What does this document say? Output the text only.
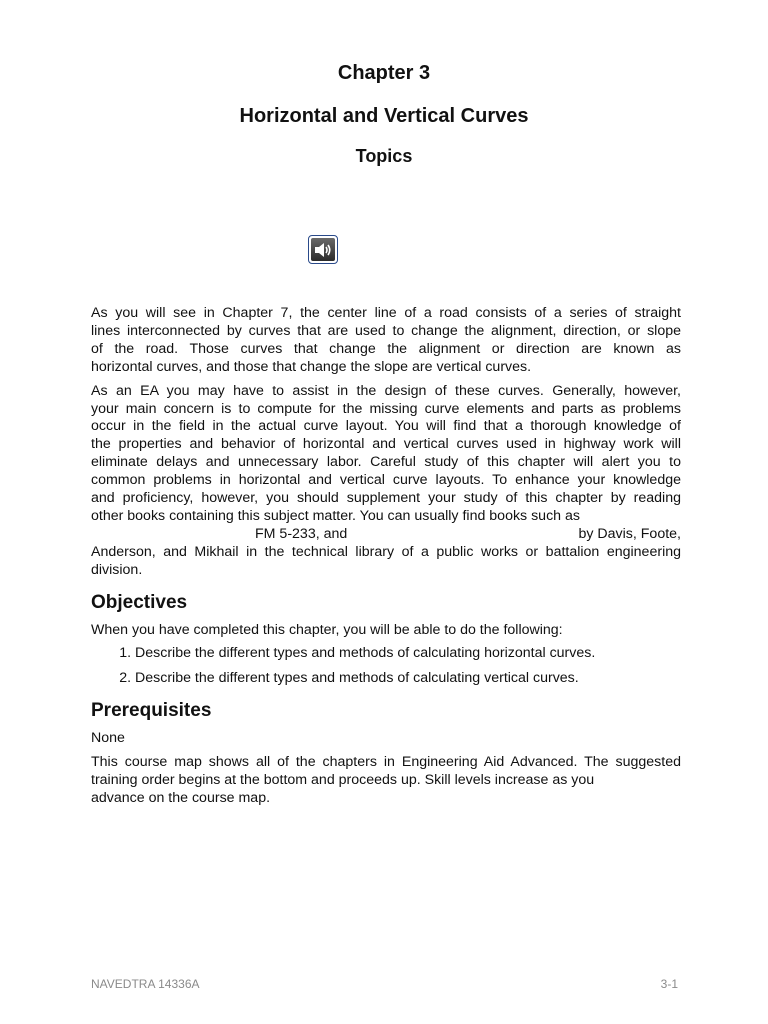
Chapter 3
Horizontal and Vertical Curves
Topics

As you will see in Chapter 7, the center line of a road consists of a series of straight
lines interconnected by curves that are used to change the alignment, direction, or slope
of the road. Those curves that change the alignment or direction are known as
horizontal curves, and those that change the slope are vertical curves.

As an EA you may have to assist in the design of these curves. Generally, however,
your main concern is to compute for the missing curve elements and parts as problems
occur in the field in the actual curve layout. You will find that a thorough knowledge of
the properties and behavior of horizontal and vertical curves used in highway work will
eliminate delays and unnecessary labor. Careful study of this chapter will alert you to
common problems in horizontal and vertical curve layouts. To enhance your knowledge
and proficiency, however, you should supplement your study of this chapter by reading
other books containing this subject matter. You can usually find books such as
FM 5-233, and	by Davis, Foote,
Anderson, and Mikhail in the technical library of a public works or battalion engineering
division.

Objectives

When you have completed this chapter, you will be able to do the following:

1. Describe the different types and methods of calculating horizontal curves.
2. Describe the different types and methods of calculating vertical curves.
Prerequisites

None

This course map shows all of the chapters in Engineering Aid Advanced. The suggested
training order begins at the bottom and proceeds up. Skill levels increase as you
advance on the course map.

NAVEDTRA 14336A	3-1
